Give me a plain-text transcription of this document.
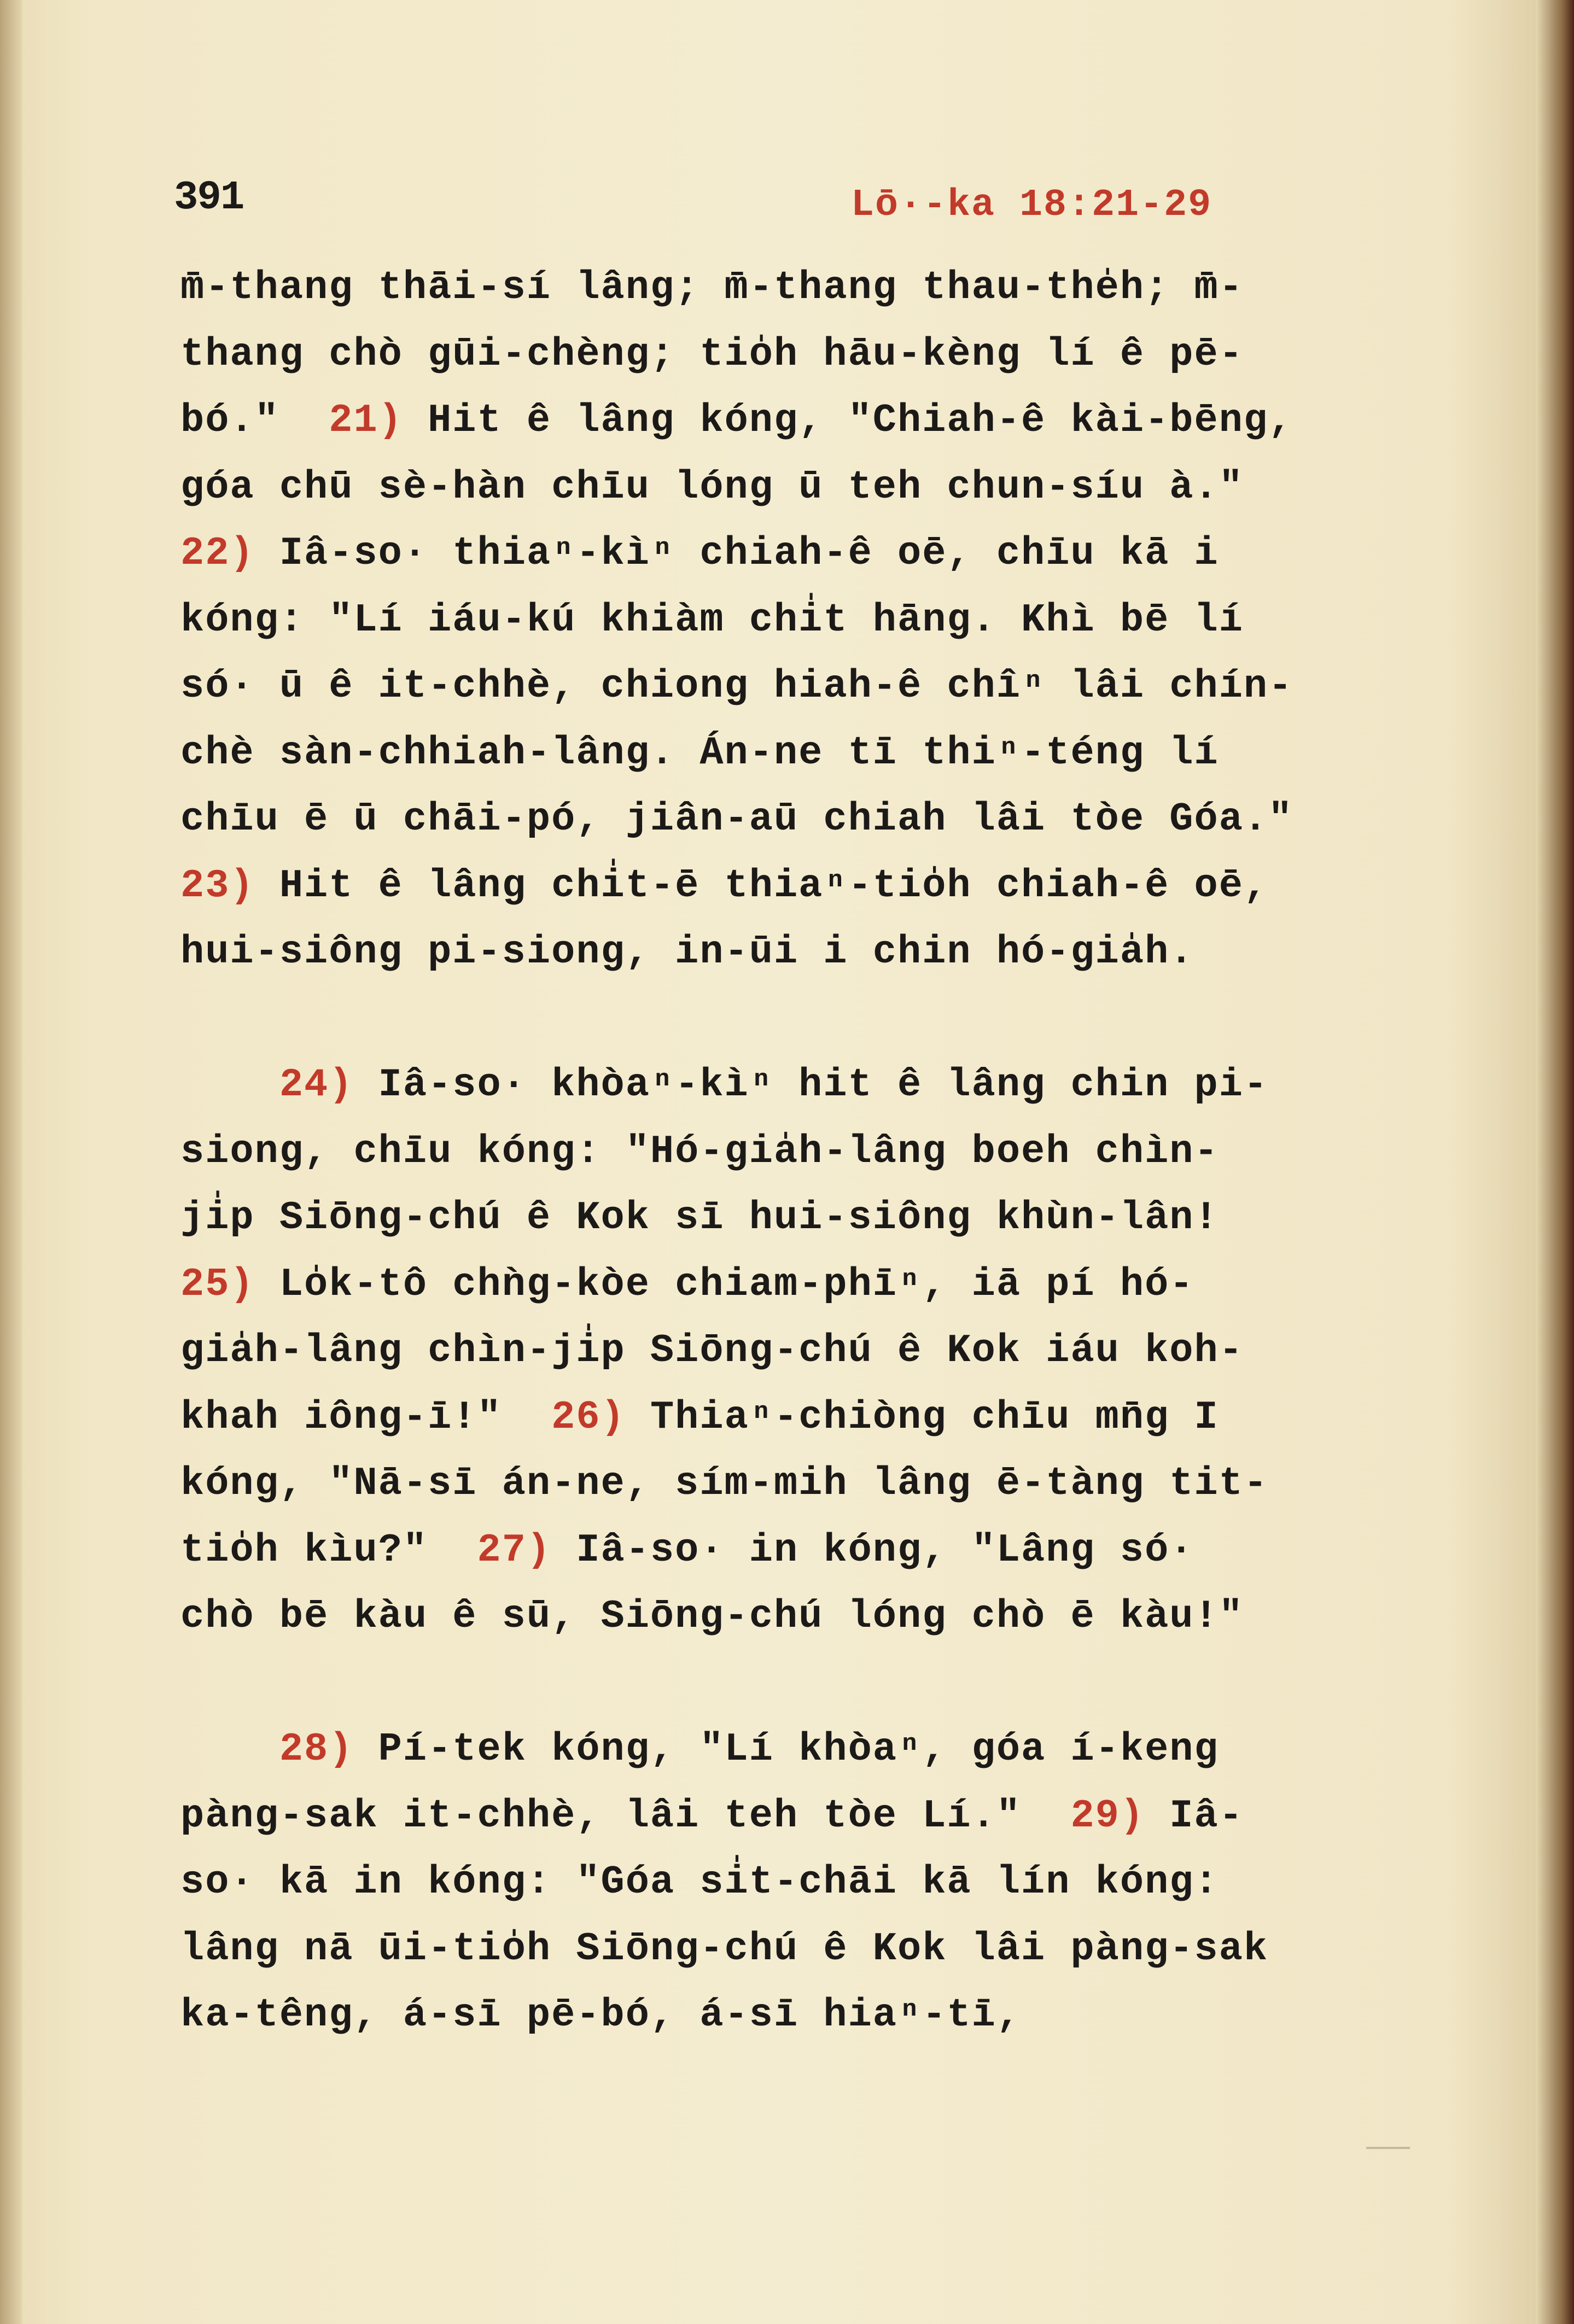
391	Lō·-ka 18:21-29
m̄-thang thāi-sí lâng; m̄-thang thau-the̍h; m̄-
thang chò gūi-chèng; tio̍h hāu-kèng lí ê pē-
bó."  21) Hit ê lâng kóng, "Chiah-ê kài-bēng,
góa chū sè-hàn chīu lóng ū teh chun-síu à."
22) Iâ-so· thiaⁿ-kìⁿ chiah-ê oē, chīu kā i
kóng: "Lí iáu-kú khiàm chi̍t hāng. Khì bē lí
só· ū ê it-chhè, chiong hiah-ê chîⁿ lâi chín-
chè sàn-chhiah-lâng. Án-ne tī thiⁿ-téng lí
chīu ē ū chāi-pó, jiân-aū chiah lâi tòe Góa."
23) Hit ê lâng chi̍t-ē thiaⁿ-tio̍h chiah-ê oē,
hui-siông pi-siong, in-ūi i chin hó-gia̍h.
24) Iâ-so· khòaⁿ-kìⁿ hit ê lâng chin pi-
siong, chīu kóng: "Hó-gia̍h-lâng boeh chìn-
ji̍p Siōng-chú ê Kok sī hui-siông khùn-lân!
25) Lo̍k-tô chǹg-kòe chiam-phīⁿ, iā pí hó-
gia̍h-lâng chìn-ji̍p Siōng-chú ê Kok iáu koh-
khah iông-ī!"  26) Thiaⁿ-chiòng chīu mn̄g I
kóng, "Nā-sī án-ne, sím-mih lâng ē-tàng tit-
tio̍h kìu?"  27) Iâ-so· in kóng, "Lâng só·
chò bē kàu ê sū, Siōng-chú lóng chò ē kàu!"
28) Pí-tek kóng, "Lí khòaⁿ, góa í-keng
pàng-sak it-chhè, lâi teh tòe Lí."  29) Iâ-
so· kā in kóng: "Góa si̍t-chāi kā lín kóng:
lâng nā ūi-tio̍h Siōng-chú ê Kok lâi pàng-sak
ka-têng, á-sī pē-bó, á-sī hiaⁿ-tī,
